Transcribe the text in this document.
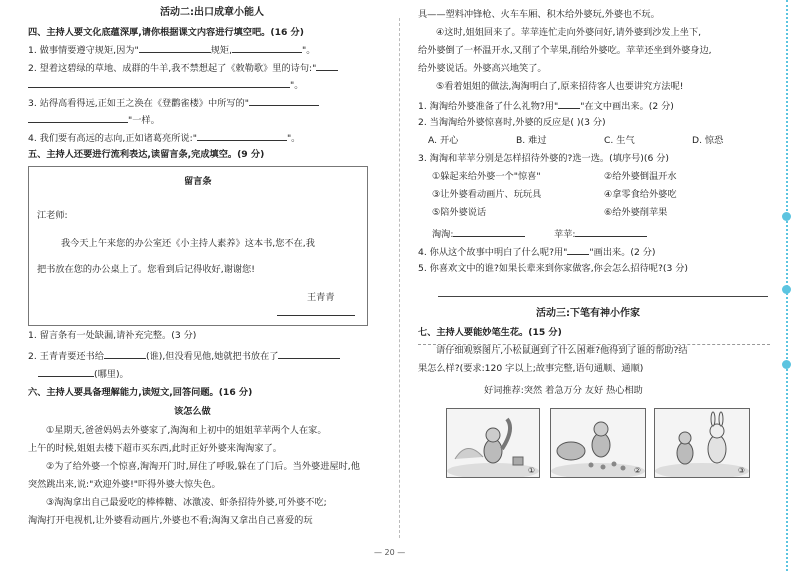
活动二:出口成章小能人
四、主持人要文化底蕴深厚,请你根据课文内容进行填空吧。(16 分)
1. 做事情要遵守规矩,因为"	规矩,	"。
2. 望着这碧绿的草地、成群的牛羊,我不禁想起了《敕勒歌》里的诗句:"
"。
3. 站得高看得远,正如王之涣在《登鹳雀楼》中所写的"
"一样。
4. 我们要有高远的志向,正如诸葛亮所说:"	"。
五、主持人还要进行流利表达,读留言条,完成填空。(9 分)
留言条
江老师:
我今天上午来您的办公室还《小主持人素养》这本书,您不在,我
把书放在您的办公桌上了。您看到后记得收好,谢谢您!
王青青
1. 留言条有一处缺漏,请补充完整。(3 分)
2. 王青青要还书给	(谁),但没看见他,她就把书放在了
(哪里)。
六、主持人要具备理解能力,读短文,回答问题。(16 分)
该怎么做
①星期天,爸爸妈妈去外婆家了,淘淘和上初中的姐姐苹苹两个人在家。
上午的时候,姐姐去楼下超市买东西,此时正好外婆来淘淘家了。
②为了给外婆一个惊喜,淘淘开门时,屏住了呼吸,躲在了门后。当外婆进屋时,他
突然跳出来,说:"欢迎外婆!"吓得外婆大惊失色。
③淘淘拿出自己最爱吃的棒棒糖、冰激凌、虾条招待外婆,可外婆不吃;
淘淘打开电视机,让外婆看动画片,外婆也不看;淘淘又拿出自己喜爱的玩
— 20 —
具——塑料冲锋枪、火车车厢、积木给外婆玩,外婆也不玩。
④这时,姐姐回来了。苹苹连忙走向外婆问好,请外婆到沙发上坐下,
给外婆倒了一杯温开水,又削了个苹果,削给外婆吃。苹苹还坐到外婆身边,
给外婆说话。外婆高兴地笑了。
⑤看着姐姐的做法,淘淘明白了,原来招待客人也要讲究方法呢!
1. 淘淘给外婆准备了什么礼物?用" "在文中画出来。(2 分)
2. 当淘淘给外婆惊喜时,外婆的反应是( )(3 分)
A. 开心	B. 难过	C. 生气	D. 惊恐
3. 淘淘和苹苹分别是怎样招待外婆的?选一选。(填序号)(6 分)
①躲起来给外婆一个"惊喜"	②给外婆倒温开水
③让外婆看动画片、玩玩具	④拿零食给外婆吃
⑤陪外婆说话	⑥给外婆削苹果
淘淘:	苹苹:
4. 你从这个故事中明白了什么呢?用" "画出来。(2 分)
5. 你喜欢文中的谁?如果长辈来到你家做客,你会怎么招待呢?(3 分)
活动三:下笔有神小作家
七、主持人要能妙笔生花。(15 分)
请仔细观察图片,小松鼠遇到了什么困难?他得到了谁的帮助?结
果怎么样?(要求:120 字以上;故事完整,语句通顺、通顺)
好词推荐:突然 着急万分 友好 热心相助
①	②	③
